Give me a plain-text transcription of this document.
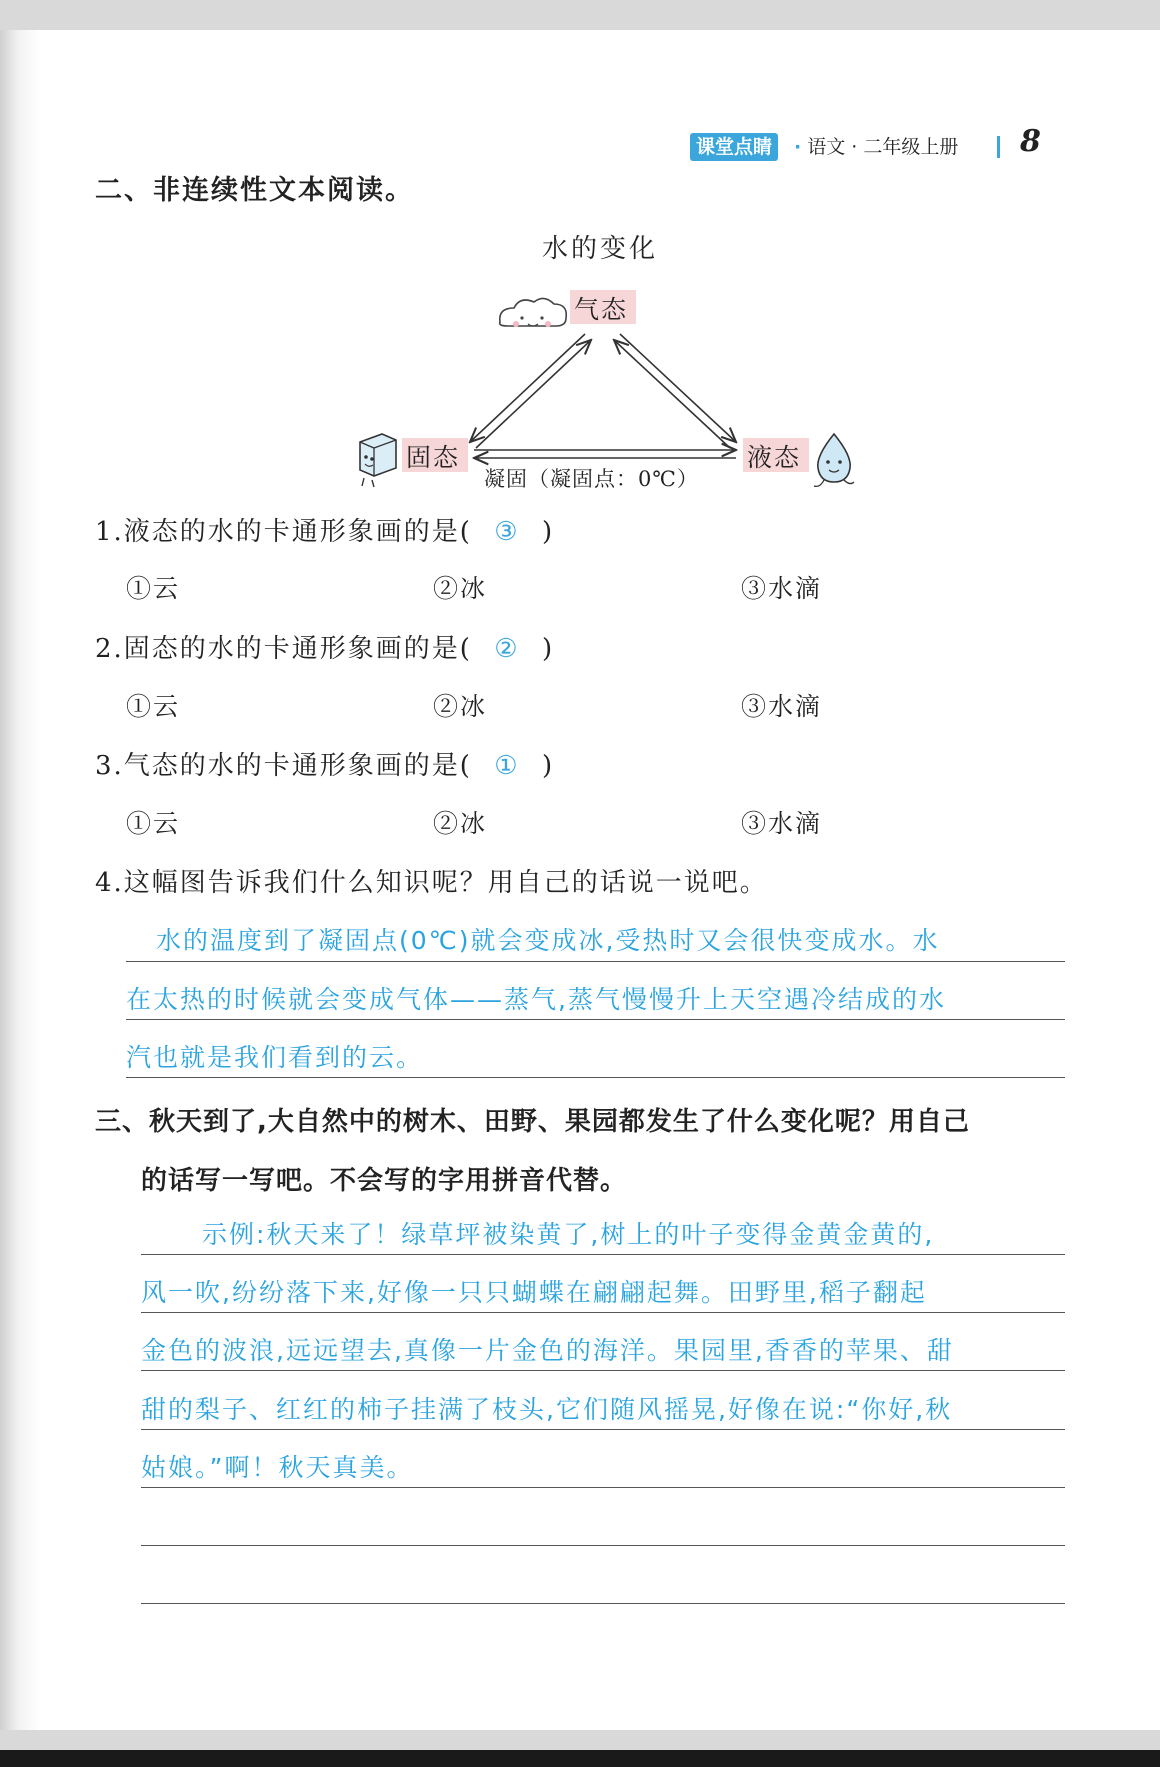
课堂点睛	· 语文 · 二年级上册 8
二、非连续性文本阅读。
水的变化
气态
固态	液态
凝固（凝固点：0℃）
1.液态的水的卡通形象画的是( ③ )
①云	②冰	③水滴
2.固态的水的卡通形象画的是( ② )
①云	②冰	③水滴
3.气态的水的卡通形象画的是( ① )
①云	②冰	③水滴
4.这幅图告诉我们什么知识呢？用自己的话说一说吧。
水的温度到了凝固点(0℃)就会变成冰,受热时又会很快变成水。水
在太热的时候就会变成气体——蒸气,蒸气慢慢升上天空遇冷结成的水
汽也就是我们看到的云。
三、秋天到了,大自然中的树木、田野、果园都发生了什么变化呢？用自己
的话写一写吧。不会写的字用拼音代替。
示例:秋天来了！绿草坪被染黄了,树上的叶子变得金黄金黄的,
风一吹,纷纷落下来,好像一只只蝴蝶在翩翩起舞。田野里,稻子翻起
金色的波浪,远远望去,真像一片金色的海洋。果园里,香香的苹果、甜
甜的梨子、红红的柿子挂满了枝头,它们随风摇晃,好像在说:“你好,秋
姑娘。”啊！秋天真美。
